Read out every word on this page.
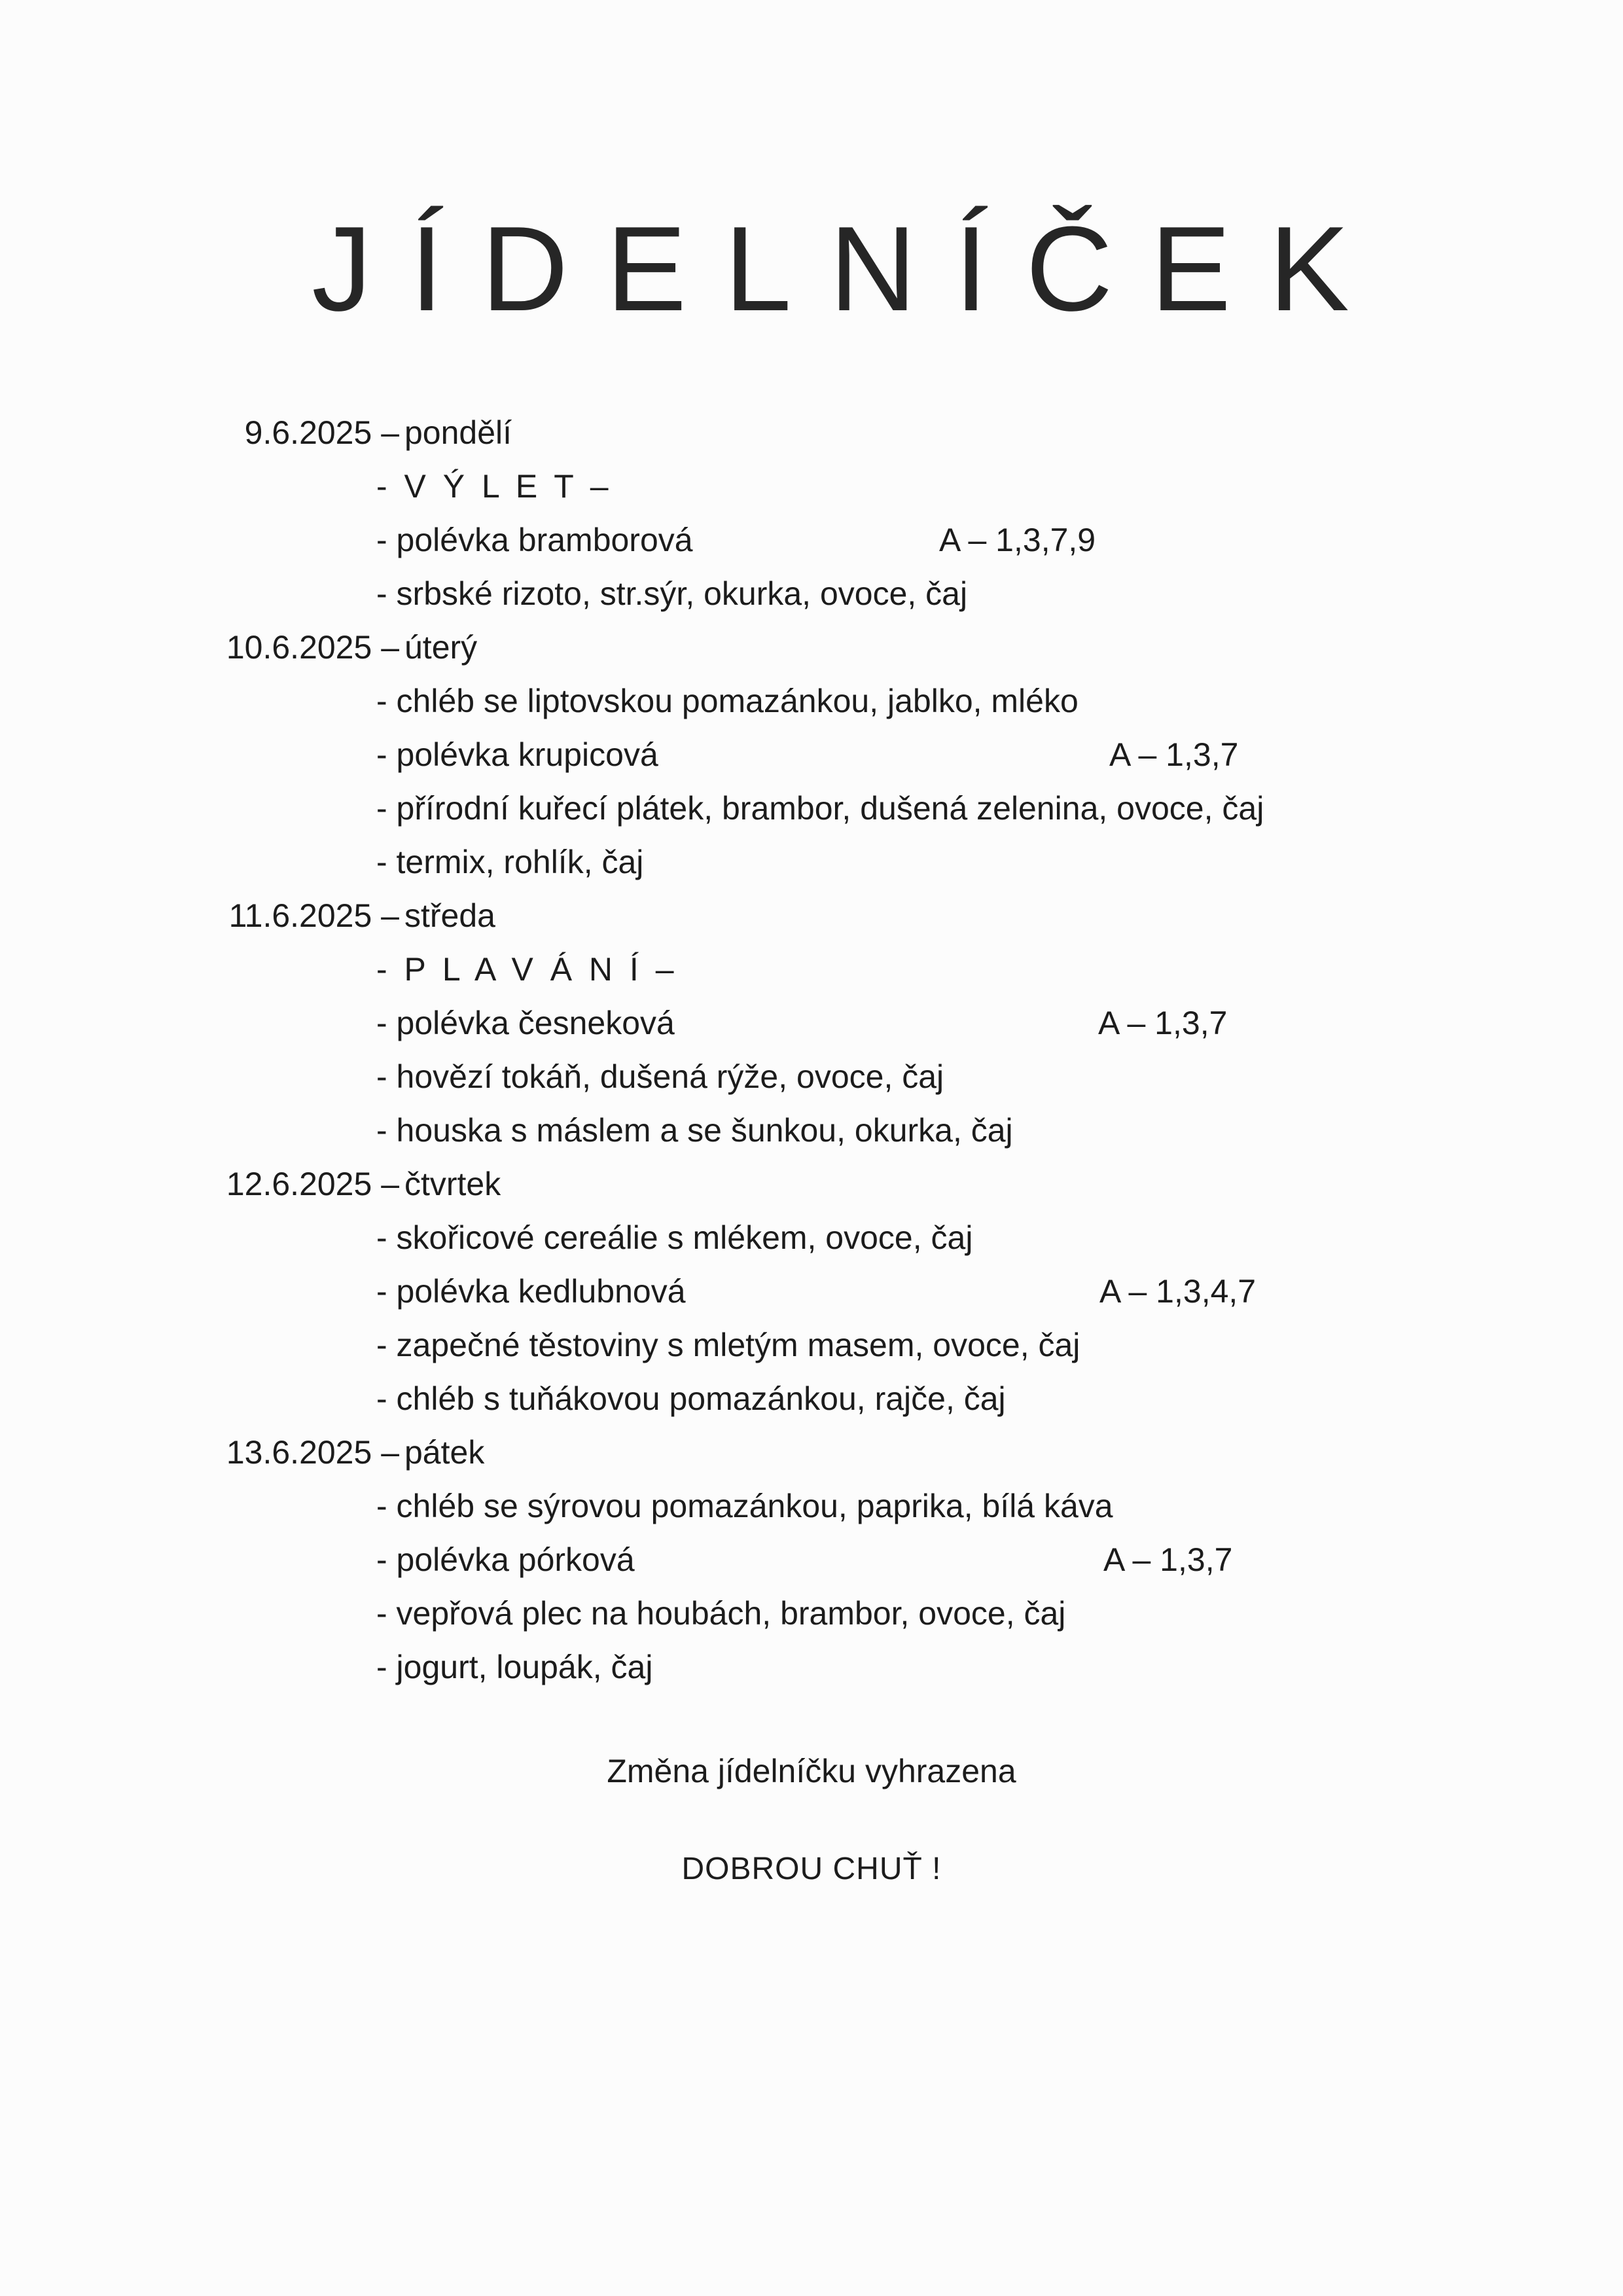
JÍDELNÍČEK
9.6.2025 – pondělí
- V Ý L E T –
- polévka bramborová	A – 1,3,7,9
- srbské rizoto, str.sýr, okurka, ovoce, čaj
10.6.2025 – úterý
- chléb se liptovskou pomazánkou, jablko, mléko
- polévka krupicová	A – 1,3,7
- přírodní kuřecí plátek, brambor, dušená zelenina, ovoce, čaj
- termix, rohlík, čaj
11.6.2025 – středa
- P L A V Á N Í –
- polévka česneková	A – 1,3,7
- hovězí tokáň, dušená rýže, ovoce, čaj
- houska s máslem a se šunkou, okurka, čaj
12.6.2025 – čtvrtek
- skořicové cereálie s mlékem, ovoce, čaj
- polévka kedlubnová	A – 1,3,4,7
- zapečné těstoviny s mletým masem, ovoce, čaj
- chléb s tuňákovou pomazánkou, rajče, čaj
13.6.2025 – pátek
- chléb se sýrovou pomazánkou, paprika, bílá káva
- polévka pórková	A – 1,3,7
- vepřová plec na houbách, brambor, ovoce, čaj
- jogurt, loupák, čaj
Změna jídelníčku vyhrazena
DOBROU CHUŤ !
